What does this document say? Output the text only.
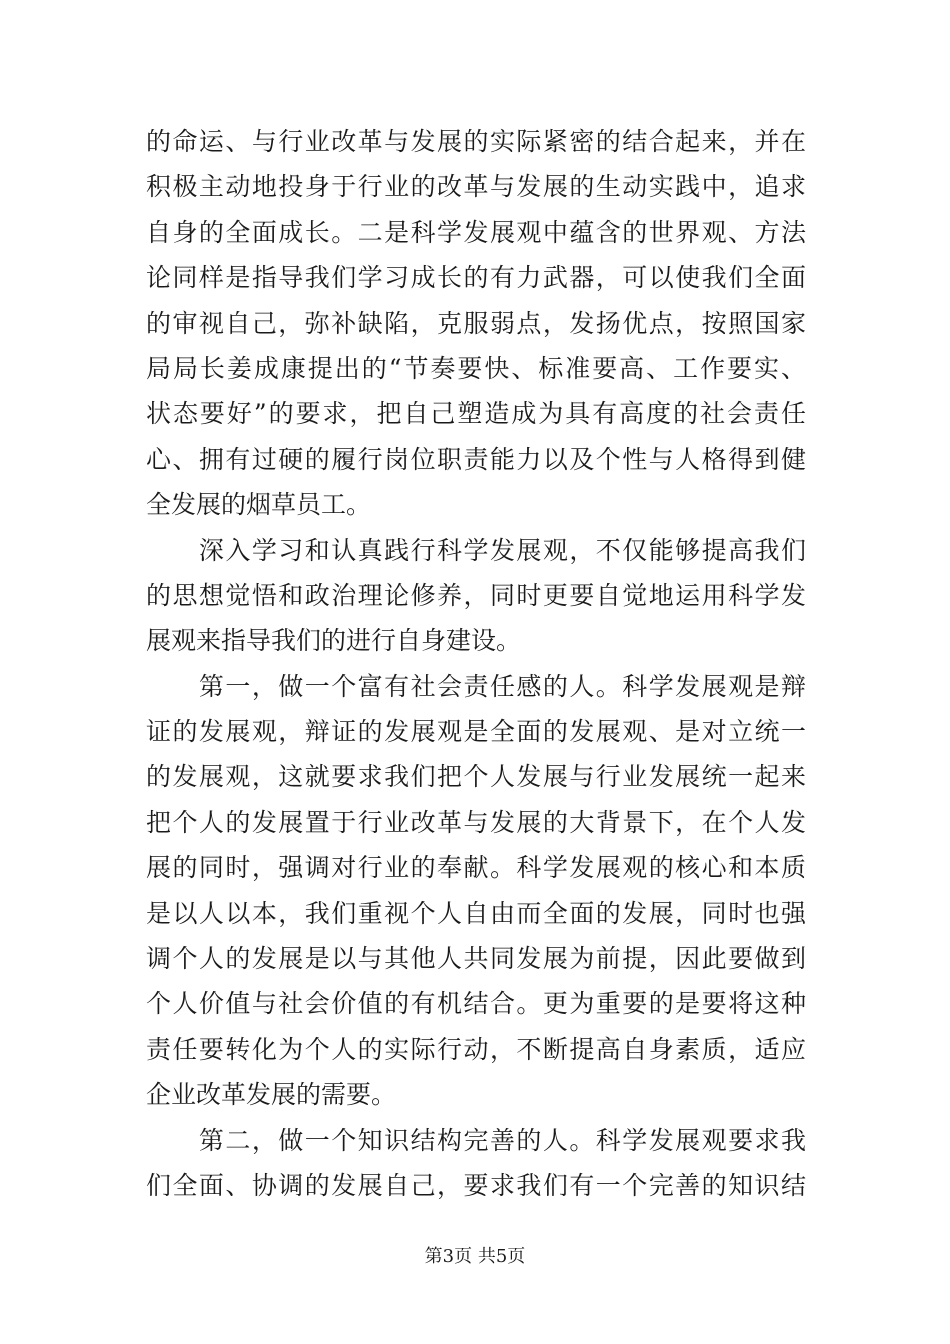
的命运、与行业改革与发展的实际紧密的结合起来，并在
积极主动地投身于行业的改革与发展的生动实践中，追求
自身的全面成长。二是科学发展观中蕴含的世界观、方法
论同样是指导我们学习成长的有力武器，可以使我们全面
的审视自己，弥补缺陷，克服弱点，发扬优点，按照国家
局局长姜成康提出的“节奏要快、标准要高、工作要实、
状态要好”的要求，把自己塑造成为具有高度的社会责任
心、拥有过硬的履行岗位职责能力以及个性与人格得到健
全发展的烟草员工。
　　深入学习和认真践行科学发展观，不仅能够提高我们
的思想觉悟和政治理论修养，同时更要自觉地运用科学发
展观来指导我们的进行自身建设。
　　第一，做一个富有社会责任感的人。科学发展观是辩
证的发展观，辩证的发展观是全面的发展观、是对立统一
的发展观，这就要求我们把个人发展与行业发展统一起来
把个人的发展置于行业改革与发展的大背景下，在个人发
展的同时，强调对行业的奉献。科学发展观的核心和本质
是以人以本，我们重视个人自由而全面的发展，同时也强
调个人的发展是以与其他人共同发展为前提，因此要做到
个人价值与社会价值的有机结合。更为重要的是要将这种
责任要转化为个人的实际行动，不断提高自身素质，适应
企业改革发展的需要。
　　第二，做一个知识结构完善的人。科学发展观要求我
们全面、协调的发展自己，要求我们有一个完善的知识结
第3页 共5页
